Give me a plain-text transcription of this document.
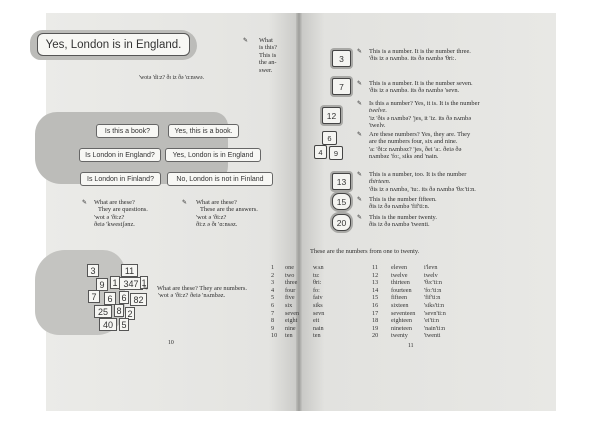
Yes, London is in England.	✎ What
is this?
This is
the an-
swer.
'wotə 'di:z? ðɪ iz ðə 'ɑ:nswə.
Is this a book?	Yes, this is a book.
Is London in England?	Yes, London is in England
Is London in Finland?	No, London is not in Finland
✎ What are these?
They are questions.
'wot ə 'ði:z?
ðeiə 'kwestʃənz.
✎ What are these?
These are the answers.
'wot ə 'ði:z?
ði:z ə ðɪ 'ɑ:nsəz.
3	11
9 1 347 1
7	6 6 82
25 8 2
40 5
✎ What are these? They are numbers.
'wot ə 'ði:z? ðeiə 'nʌmbəz.
10
3
✎ This is a number. It is the number three.
'ðis iz ə nʌmbə. its ðə nʌmbə 'θri:.
7	✎ This is a number. It is the number seven.
'ðis iz ə nʌmbə. its ðə nʌmbə 'sevn.
12
✎ Is this a number? Yes, it is. It is the number
twelve.
'iz 'ðis ə nʌmbə? 'jes, it 'iz. its ðə nʌmbə
'twelv.
6
4	9
✎ Are these numbers? Yes, they are. They
are the numbers four, six and nine.
'a: 'ði:z nʌmbəz? 'jes, ðei 'a:. ðeiə ðə
nʌmbəz 'fo:, siks ənd 'nain.
13
✎ This is a number, too. It is the number
thirteen.
'ðis iz ə nʌmbə, 'tu:. its ðə nʌmbə 'θə:'ti:n.
15	✎ This is the number fifteen.
ðis iz ðə nʌmbə 'fif'ti:n.
20	✎ This is the number twenty.
ðis iz ðə nʌmbə 'twenti.
These are the numbers from one to twenty.
1	one	wʌn	11	eleven	i'levn
2	two	tu:	12	twelve	twelv
3	three	θri:	13	thirteen	'θə:'ti:n
4	four	fo:	14	fourteen	'fo:'ti:n
5	five	faiv	15	fifteen	'fif'ti:n
6	six	siks	16	sixteen	'siks'ti:n
7	seven	sevn	17	seventeen	'sevn'ti:n
8	eight	eit	18	eighteen	'ei'ti:n
9	nine	nain	19	nineteen	'nain'ti:n
10	ten	ten	20	twenty	'twenti
11
